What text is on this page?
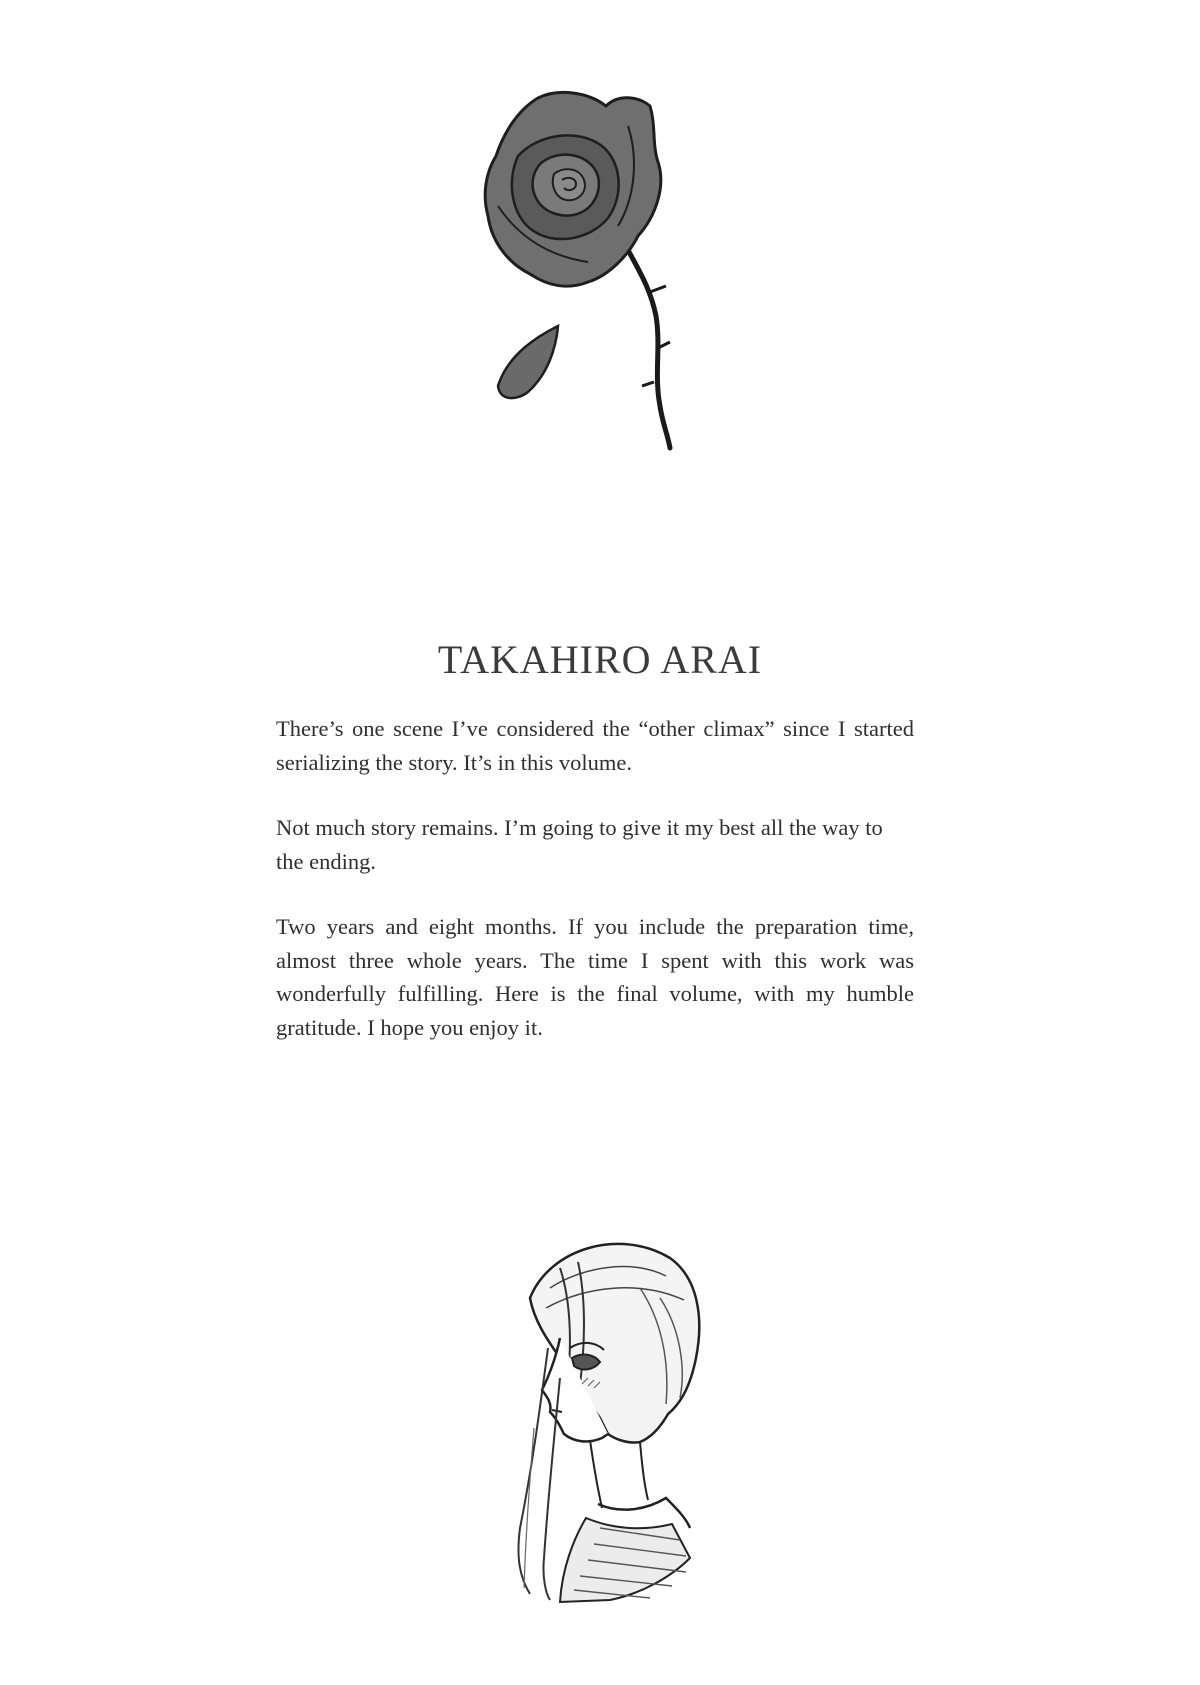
TAKAHIRO ARAI

There’s one scene I’ve considered the “other climax” since I started serializing the story. It’s in this volume.

Not much story remains. I’m going to give it my best all the way to the ending.

Two years and eight months. If you include the preparation time, almost three whole years. The time I spent with this work was wonderfully fulfilling. Here is the final volume, with my humble gratitude. I hope you enjoy it.
